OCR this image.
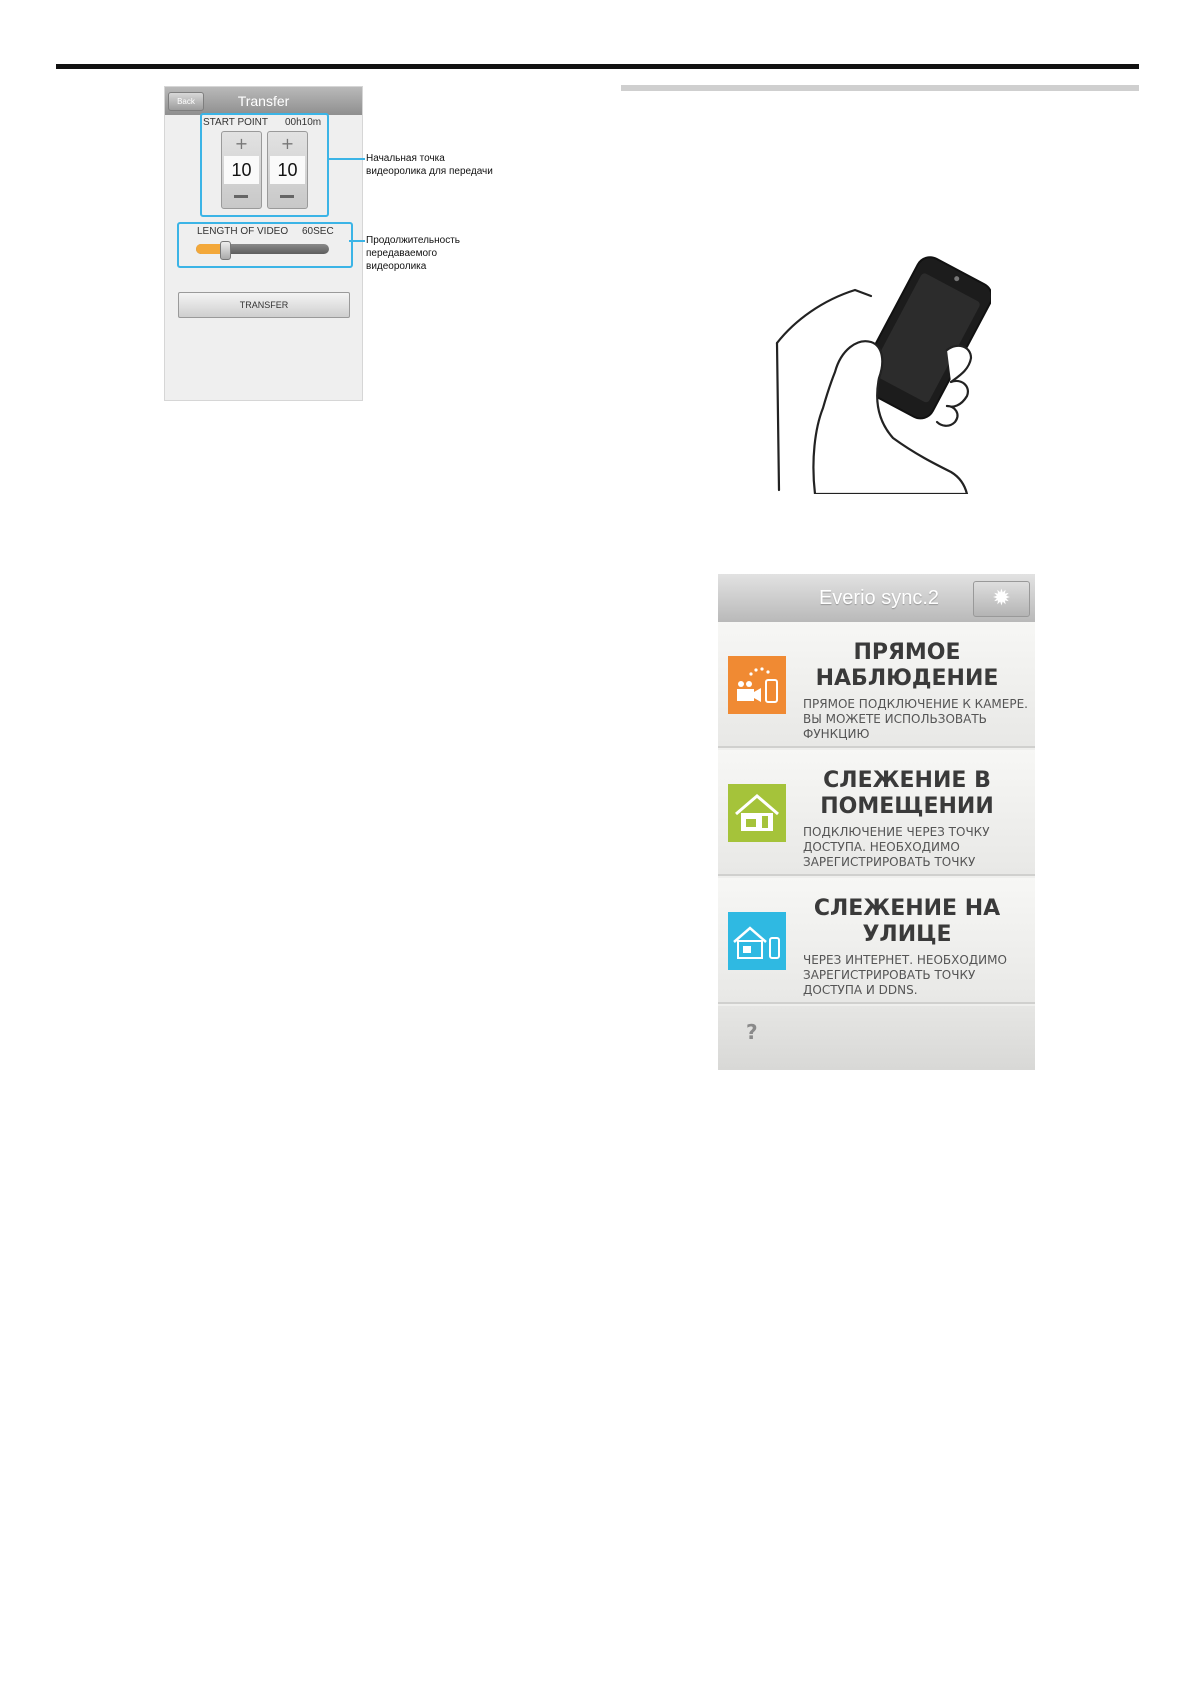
Back	Transfer
START POINT 00h10m
+
10
+
10
LENGTH OF VIDEO 60SEC
TRANSFER
Начальная точка
видеоролика для передачи
Продолжительность
передаваемого
видеоролика
Everio sync.2	✹
ПРЯМОЕ
НАБЛЮДЕНИЕ
ПРЯМОЕ ПОДКЛЮЧЕНИЕ К КАМЕРЕ. ВЫ МОЖЕТЕ ИСПОЛЬЗОВАТЬ ФУНКЦИЮ
СЛЕЖЕНИЕ В
ПОМЕЩЕНИИ
ПОДКЛЮЧЕНИЕ ЧЕРЕЗ ТОЧКУ ДОСТУПА. НЕОБХОДИМО ЗАРЕГИСТРИРОВАТЬ ТОЧКУ
СЛЕЖЕНИЕ НА
УЛИЦЕ
ЧЕРЕЗ ИНТЕРНЕТ. НЕОБХОДИМО ЗАРЕГИСТРИРОВАТЬ ТОЧКУ ДОСТУПА И DDNS.
?
